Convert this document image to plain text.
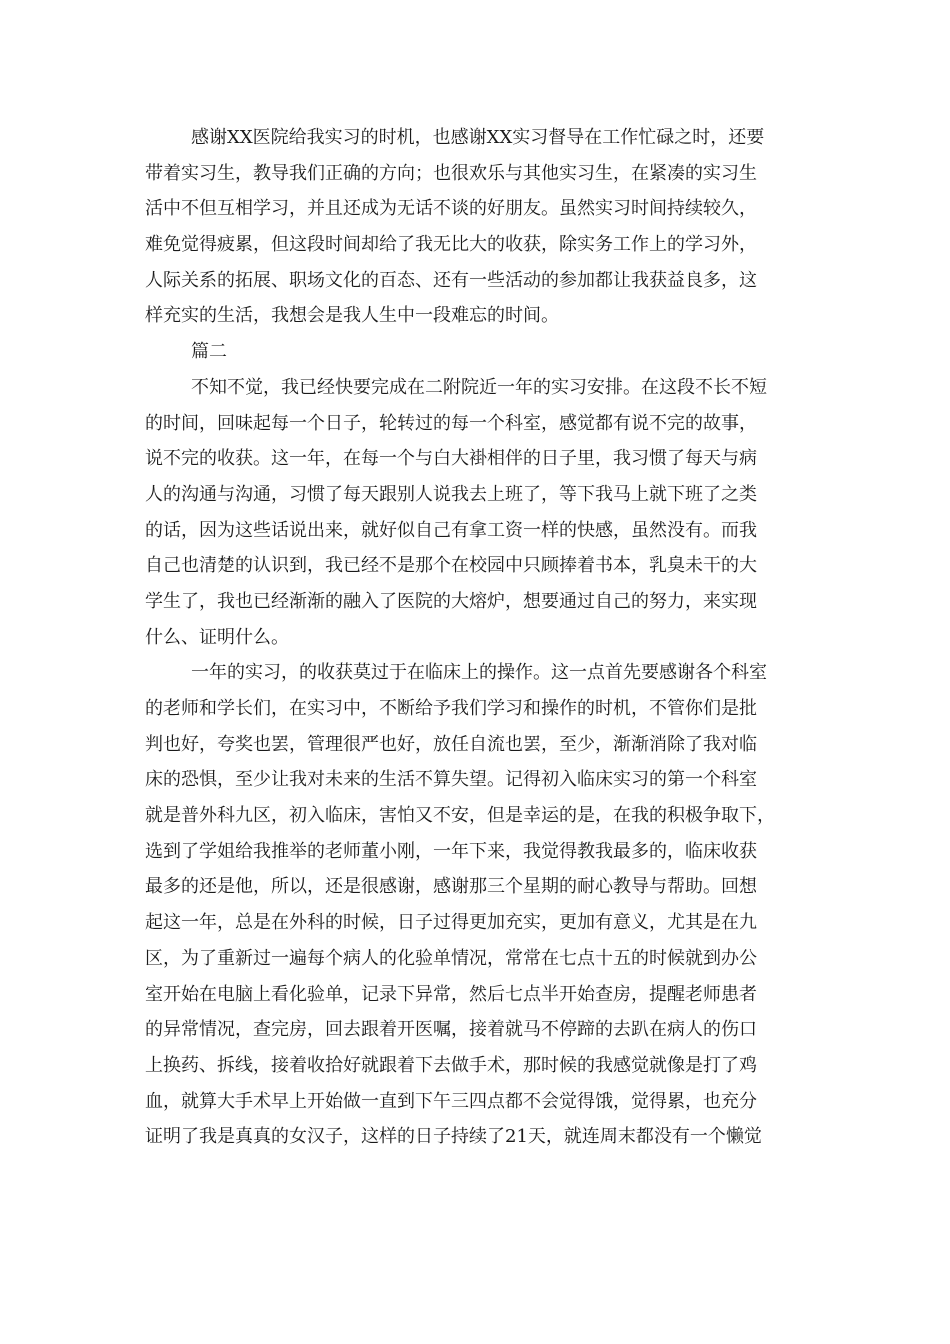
感谢XX医院给我实习的时机，也感谢XX实习督导在工作忙碌之时，还要
带着实习生，教导我们正确的方向；也很欢乐与其他实习生，在紧凑的实习生
活中不但互相学习，并且还成为无话不谈的好朋友。虽然实习时间持续较久，
难免觉得疲累，但这段时间却给了我无比大的收获，除实务工作上的学习外，
人际关系的拓展、职场文化的百态、还有一些活动的参加都让我获益良多，这
样充实的生活，我想会是我人生中一段难忘的时间。
篇二
不知不觉，我已经快要完成在二附院近一年的实习安排。在这段不长不短
的时间，回味起每一个日子，轮转过的每一个科室，感觉都有说不完的故事，
说不完的收获。这一年，在每一个与白大褂相伴的日子里，我习惯了每天与病
人的沟通与沟通，习惯了每天跟别人说我去上班了，等下我马上就下班了之类
的话，因为这些话说出来，就好似自己有拿工资一样的快感，虽然没有。而我
自己也清楚的认识到，我已经不是那个在校园中只顾捧着书本，乳臭未干的大
学生了，我也已经渐渐的融入了医院的大熔炉，想要通过自己的努力，来实现
什么、证明什么。
一年的实习，的收获莫过于在临床上的操作。这一点首先要感谢各个科室
的老师和学长们，在实习中，不断给予我们学习和操作的时机，不管你们是批
判也好，夸奖也罢，管理很严也好，放任自流也罢，至少，渐渐消除了我对临
床的恐惧，至少让我对未来的生活不算失望。记得初入临床实习的第一个科室
就是普外科九区，初入临床，害怕又不安，但是幸运的是，在我的积极争取下，
选到了学姐给我推举的老师董小刚，一年下来，我觉得教我最多的，临床收获
最多的还是他，所以，还是很感谢，感谢那三个星期的耐心教导与帮助。回想
起这一年，总是在外科的时候，日子过得更加充实，更加有意义，尤其是在九
区，为了重新过一遍每个病人的化验单情况，常常在七点十五的时候就到办公
室开始在电脑上看化验单，记录下异常，然后七点半开始查房，提醒老师患者
的异常情况，查完房，回去跟着开医嘱，接着就马不停蹄的去趴在病人的伤口
上换药、拆线，接着收拾好就跟着下去做手术，那时候的我感觉就像是打了鸡
血，就算大手术早上开始做一直到下午三四点都不会觉得饿，觉得累，也充分
证明了我是真真的女汉子，这样的日子持续了21天，就连周末都没有一个懒觉
